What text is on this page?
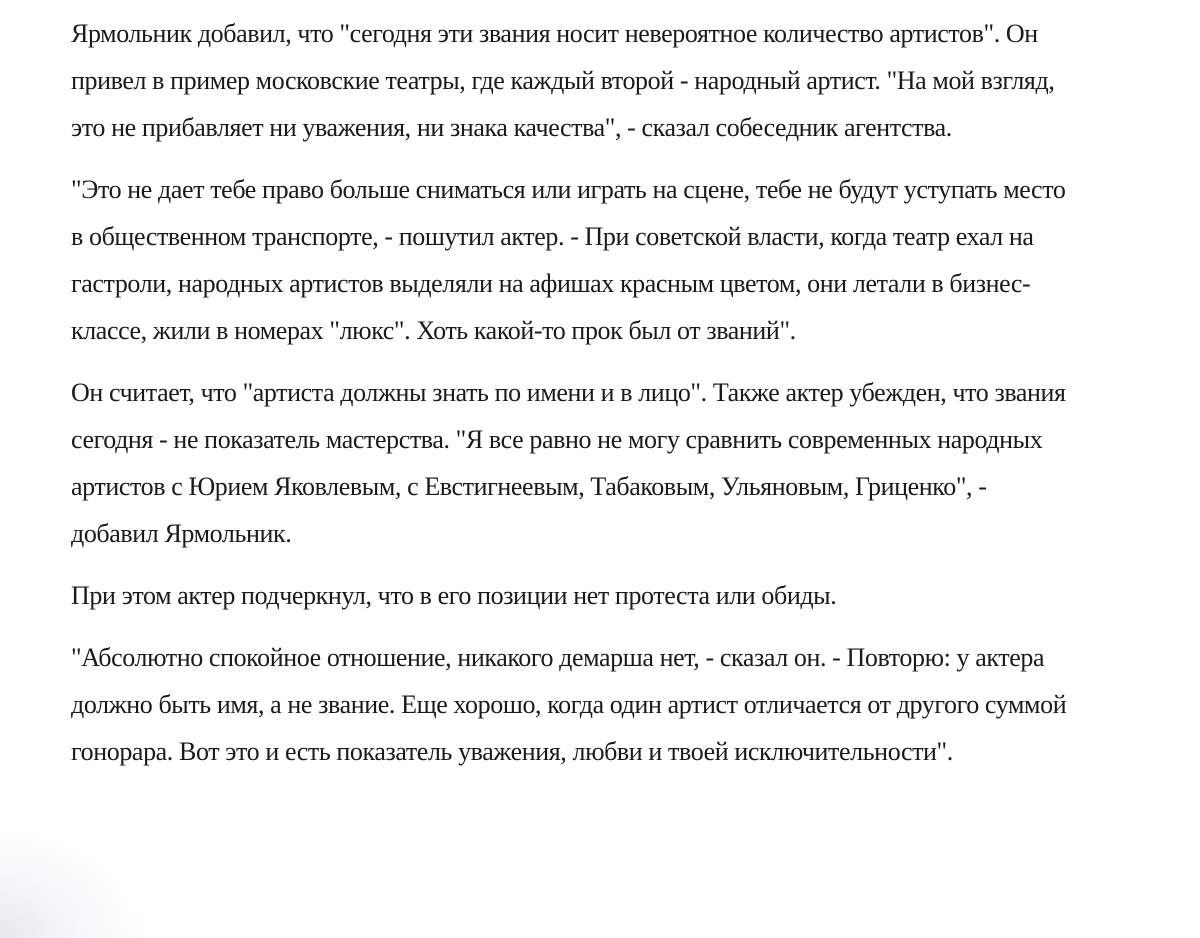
Ярмольник добавил, что "сегодня эти звания носит невероятное количество артистов". Он привел в пример московские театры, где каждый второй - народный артист. "На мой взгляд, это не прибавляет ни уважения, ни знака качества", - сказал собеседник агентства.

"Это не дает тебе право больше сниматься или играть на сцене, тебе не будут уступать место в общественном транспорте, - пошутил актер. - При советской власти, когда театр ехал на гастроли, народных артистов выделяли на афишах красным цветом, они летали в бизнес-классе, жили в номерах "люкс". Хоть какой-то прок был от званий".

Он считает, что "артиста должны знать по имени и в лицо". Также актер убежден, что звания сегодня - не показатель мастерства. "Я все равно не могу сравнить современных народных артистов с Юрием Яковлевым, с Евстигнеевым, Табаковым, Ульяновым, Гриценко", - добавил Ярмольник.

При этом актер подчеркнул, что в его позиции нет протеста или обиды.

"Абсолютно спокойное отношение, никакого демарша нет, - сказал он. - Повторю: у актера должно быть имя, а не звание. Еще хорошо, когда один артист отличается от другого суммой гонорара. Вот это и есть показатель уважения, любви и твоей исключительности".
